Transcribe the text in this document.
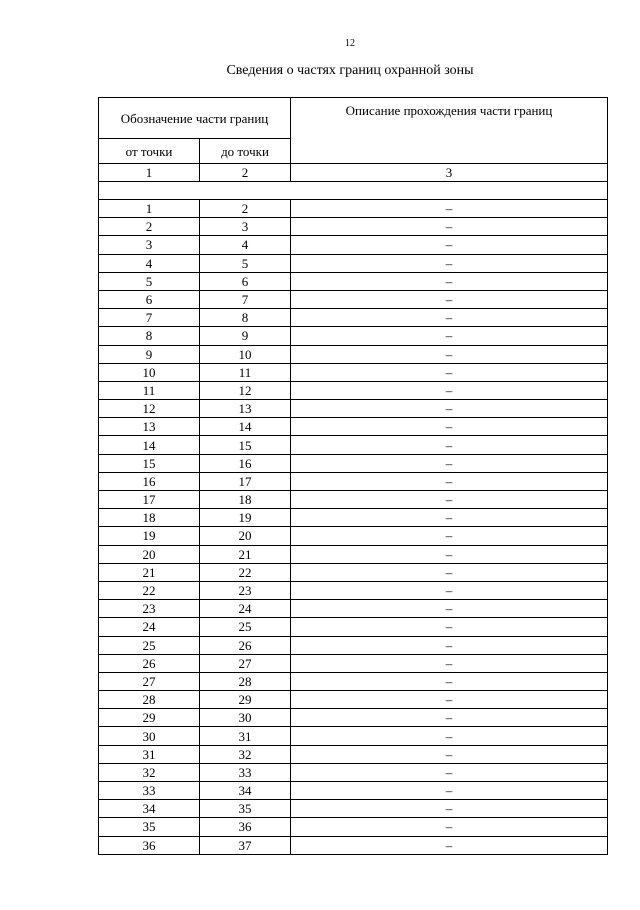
12
Сведения о частях границ охранной зоны
Обозначение части границ		Описание прохождения части границ
от точки	до точки	
1	2	3

1	2	–
2	3	–
3	4	–
4	5	–
5	6	–
6	7	–
7	8	–
8	9	–
9	10	–
10	11	–
11	12	–
12	13	–
13	14	–
14	15	–
15	16	–
16	17	–
17	18	–
18	19	–
19	20	–
20	21	–
21	22	–
22	23	–
23	24	–
24	25	–
25	26	–
26	27	–
27	28	–
28	29	–
29	30	–
30	31	–
31	32	–
32	33	–
33	34	–
34	35	–
35	36	–
36	37	–
